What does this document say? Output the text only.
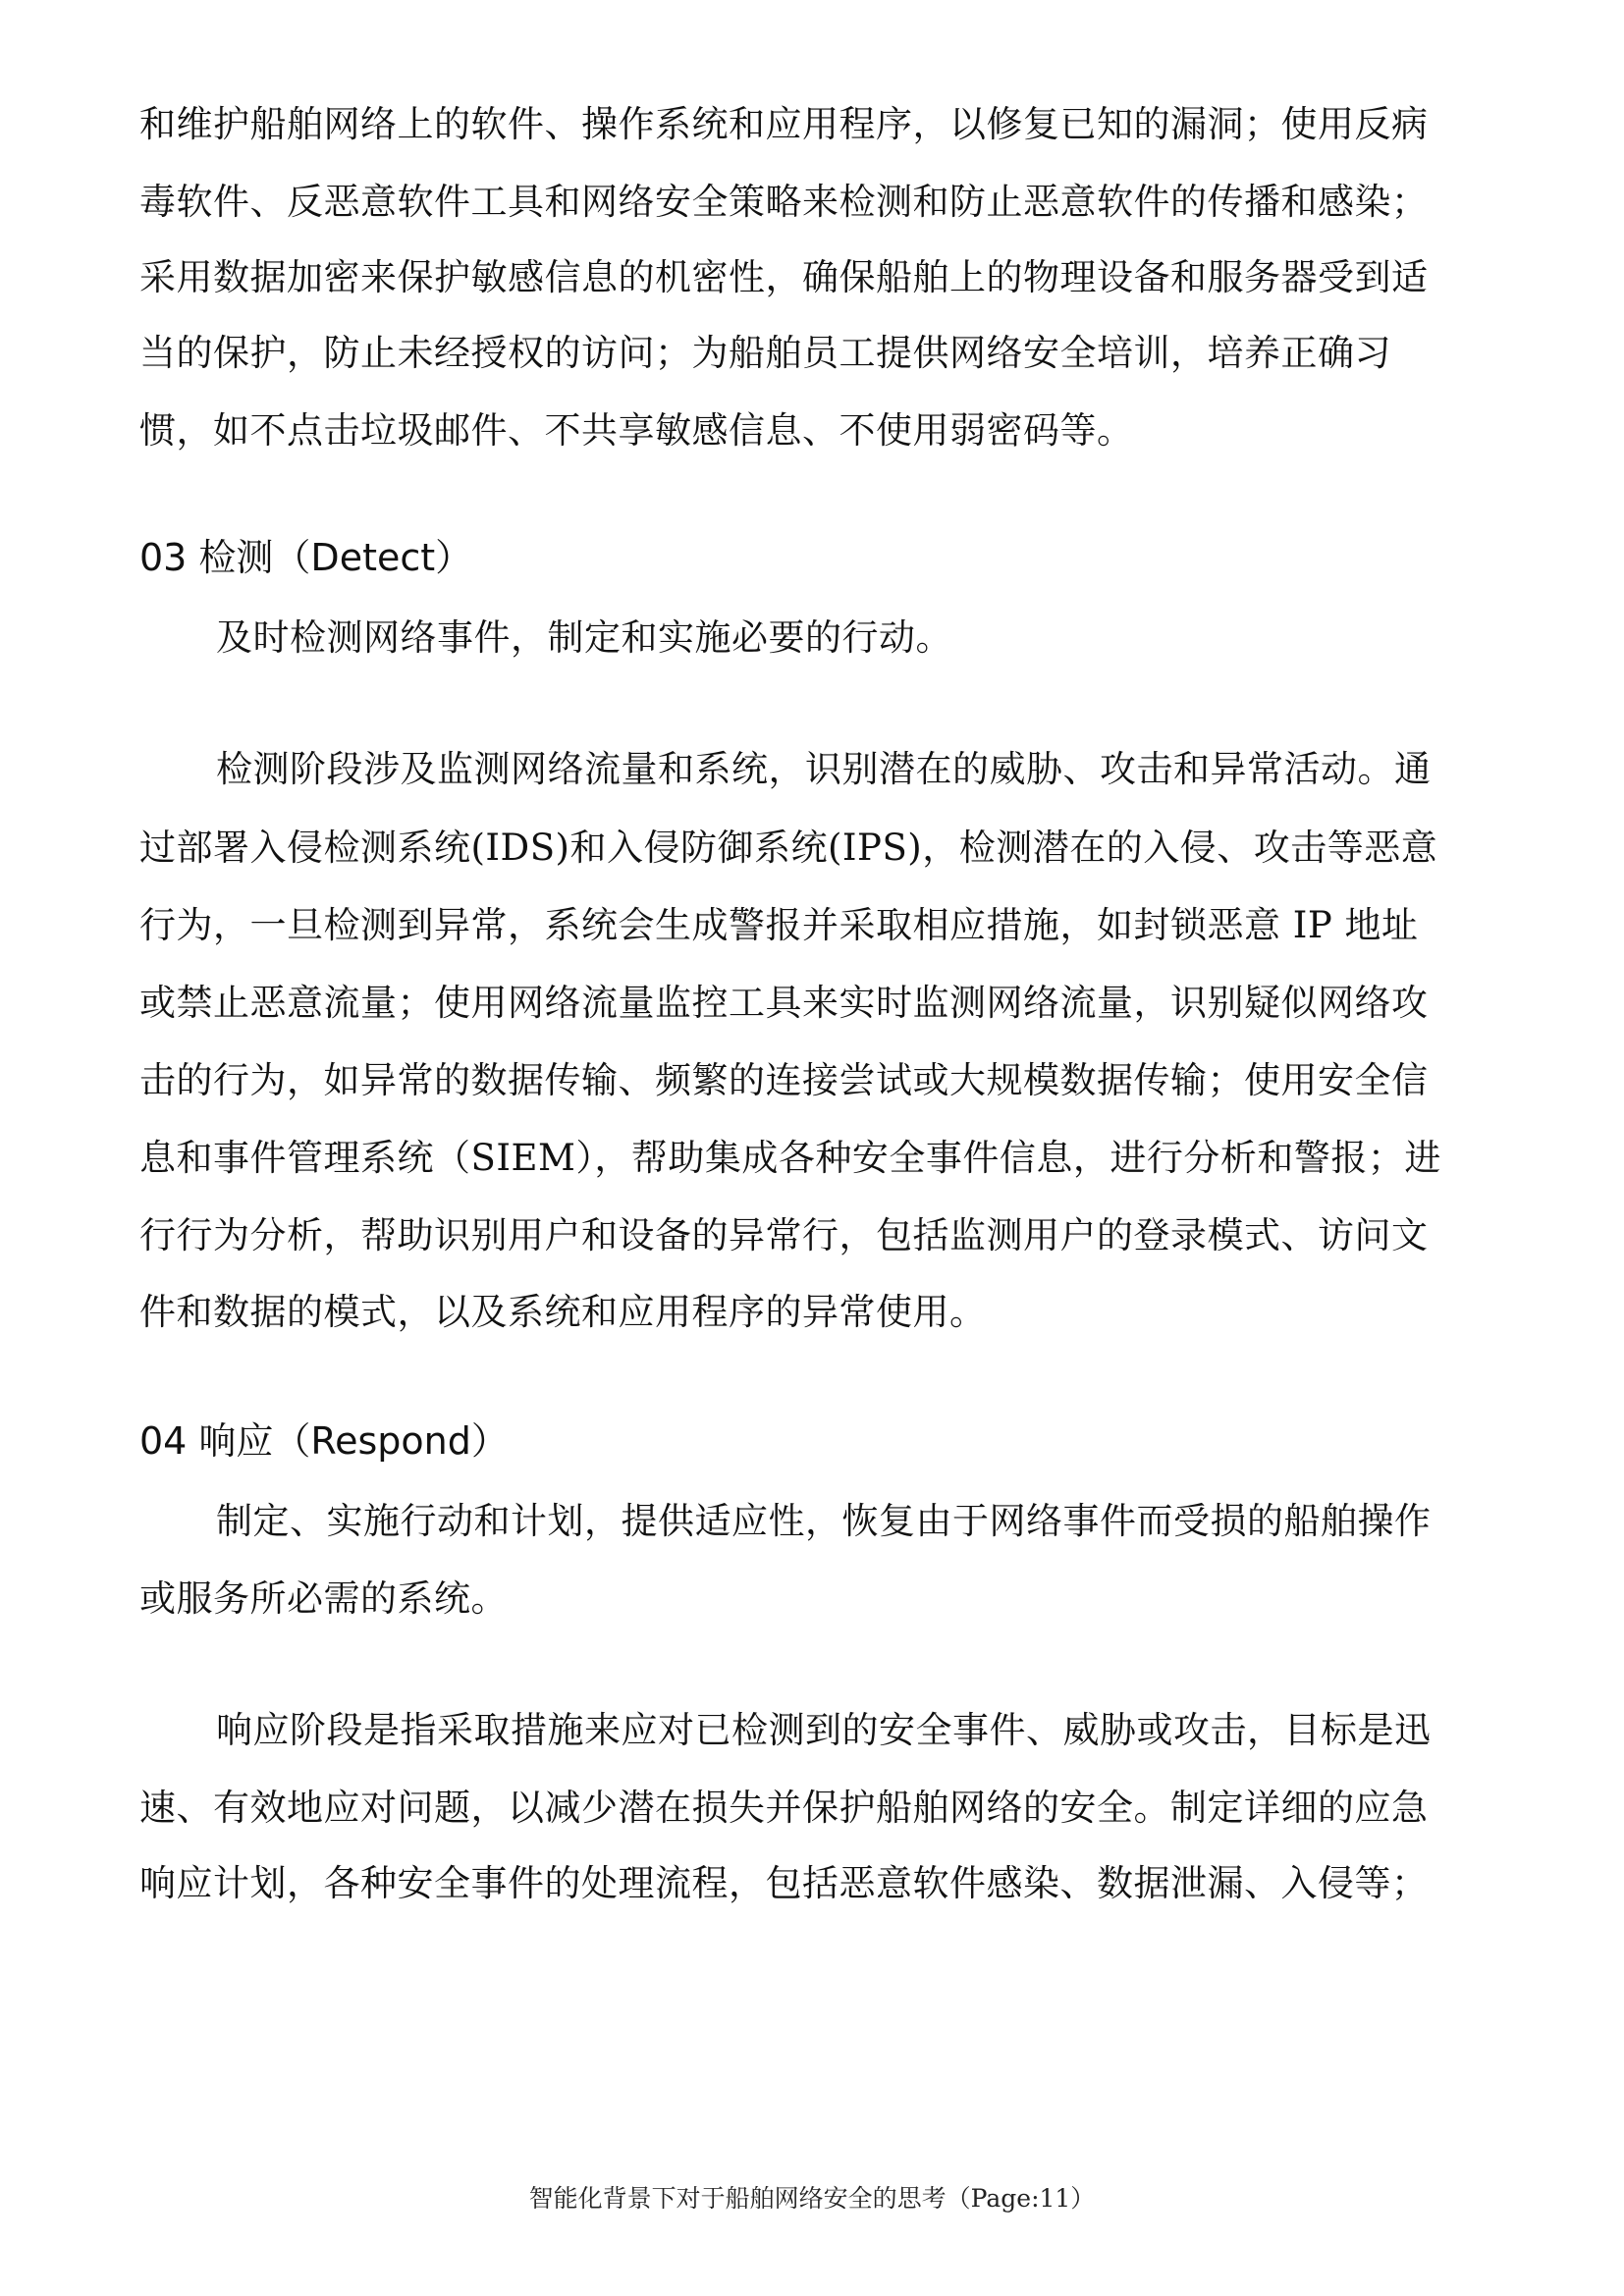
和维护船舶网络上的软件、操作系统和应用程序，以修复已知的漏洞；使用反病
毒软件、反恶意软件工具和网络安全策略来检测和防止恶意软件的传播和感染；
采用数据加密来保护敏感信息的机密性，确保船舶上的物理设备和服务器受到适
当的保护，防止未经授权的访问；为船舶员工提供网络安全培训，培养正确习
惯，如不点击垃圾邮件、不共享敏感信息、不使用弱密码等。
03 检测（Detect）
及时检测网络事件，制定和实施必要的行动。
检测阶段涉及监测网络流量和系统，识别潜在的威胁、攻击和异常活动。通
过部署入侵检测系统(IDS)和入侵防御系统(IPS)，检测潜在的入侵、攻击等恶意
行为，一旦检测到异常，系统会生成警报并采取相应措施，如封锁恶意 IP 地址
或禁止恶意流量；使用网络流量监控工具来实时监测网络流量，识别疑似网络攻
击的行为，如异常的数据传输、频繁的连接尝试或大规模数据传输；使用安全信
息和事件管理系统（SIEM），帮助集成各种安全事件信息，进行分析和警报；进
行行为分析，帮助识别用户和设备的异常行，包括监测用户的登录模式、访问文
件和数据的模式，以及系统和应用程序的异常使用。
04 响应（Respond）
制定、实施行动和计划，提供适应性，恢复由于网络事件而受损的船舶操作
或服务所必需的系统。
响应阶段是指采取措施来应对已检测到的安全事件、威胁或攻击，目标是迅
速、有效地应对问题，以减少潜在损失并保护船舶网络的安全。制定详细的应急
响应计划，各种安全事件的处理流程，包括恶意软件感染、数据泄漏、入侵等；
智能化背景下对于船舶网络安全的思考（Page:11）
